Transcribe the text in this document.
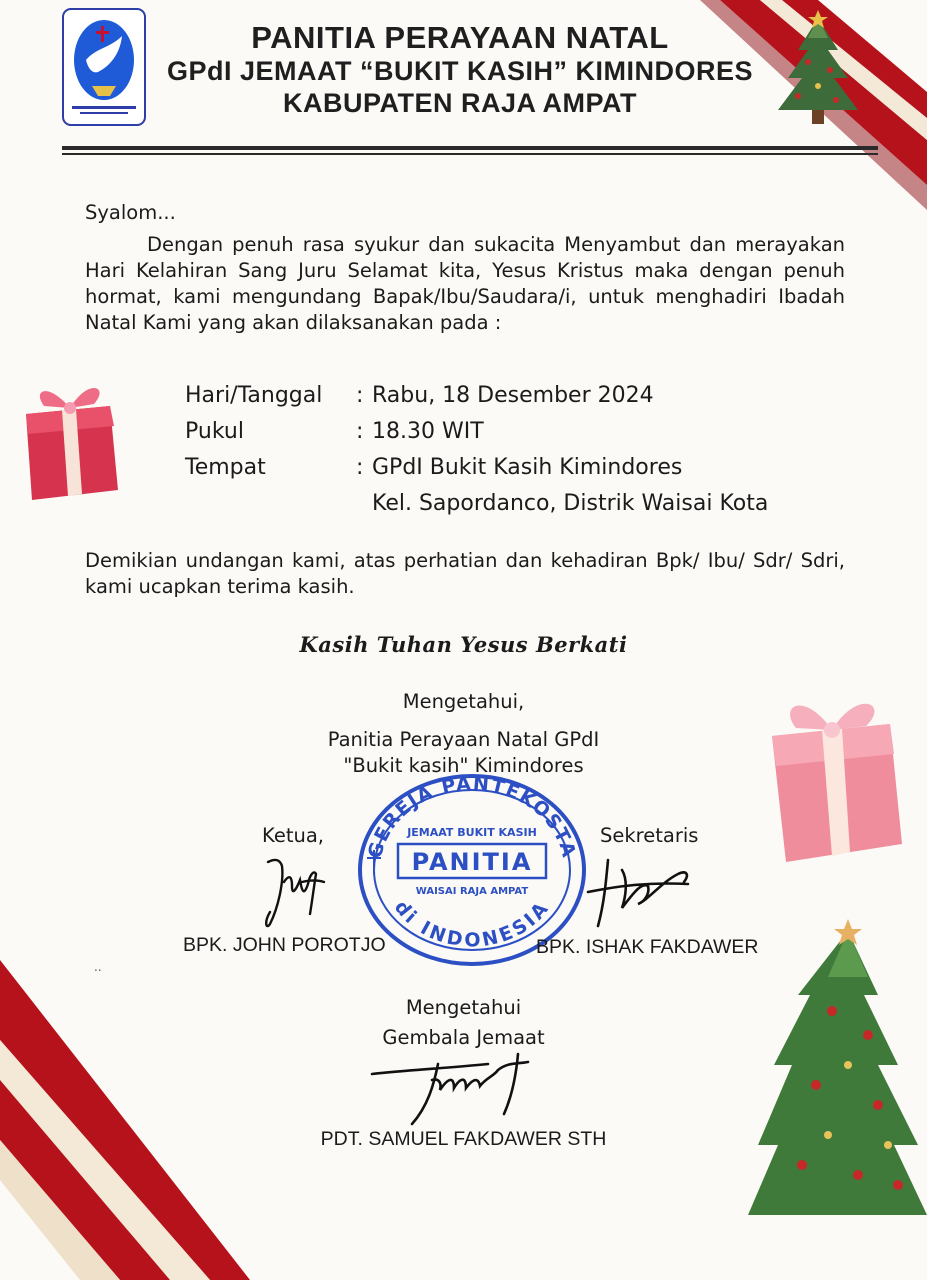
PANITIA PERAYAAN NATAL
GPdI JEMAAT “BUKIT KASIH” KIMINDORES
KABUPATEN RAJA AMPAT
Syalom...
Dengan penuh rasa syukur dan sukacita Menyambut dan merayakan Hari Kelahiran Sang Juru Selamat kita, Yesus Kristus maka dengan penuh hormat, kami mengundang Bapak/Ibu/Saudara/i, untuk menghadiri Ibadah Natal Kami yang akan dilaksanakan pada :
Hari/Tanggal : Rabu, 18 Desember 2024
Pukul	: 18.30 WIT
Tempat	: GPdI Bukit Kasih Kimindores
Kel. Sapordanco, Distrik Waisai Kota
Demikian undangan kami, atas perhatian dan kehadiran Bpk/ Ibu/ Sdr/ Sdri, kami ucapkan terima kasih.
Kasih Tuhan Yesus Berkati
Mengetahui,
Panitia Perayaan Natal GPdI
"Bukit kasih" Kimindores
GEREJA PANTEKOSTA
di INDONESIA
JEMAAT BUKIT KASIH
PANITIA
WAISAI RAJA AMPAT
Ketua,	Sekretaris
BPK. JOHN POROTJO	BPK. ISHAK FAKDAWER
..
Mengetahui
Gembala Jemaat
PDT. SAMUEL FAKDAWER STH
